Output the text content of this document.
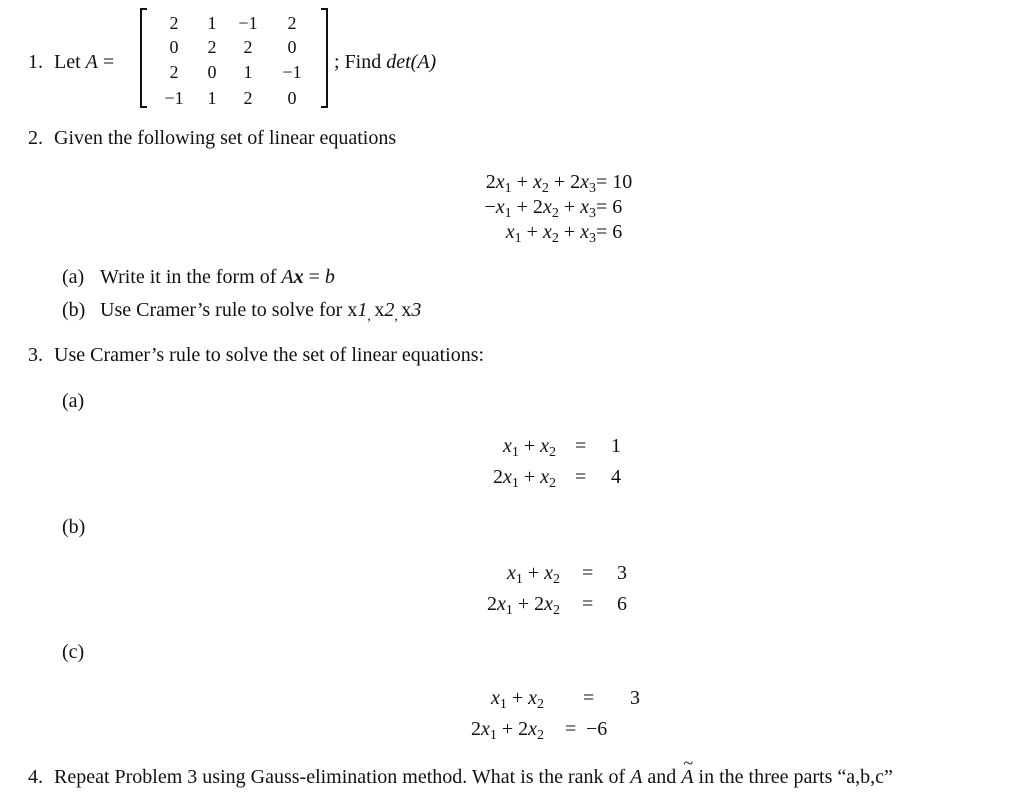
1. Let A =
2	1	−1	2
0	2	2	0
2	0	1	−1
−1	1	2	0
; Find det(A)
2. Given the following set of linear equations
$2x_1 + x_2 + 2x_3 = 10$
$-x_1 + 2x_2 + x_3 = 6$
$x_1 + x_2 + x_3 = 6$
(a) Write it in the form of Ax = b
(b) Use Cramer’s rule to solve for $x1_,$ $x2_,$ x3
3. Use Cramer’s rule to solve the set of linear equations:
(a)
(b)
(c)
$x_1 + x_2 = 1$
$2x_1 + x_2 = 4$
$x_1 + x_2 = 3$
$2x_1 + 2x_2 = 6$
$x_1 + x_2 = 3$
$2x_1 + 2x_2 = -6$
4. Repeat Problem 3 using Gauss-elimination method. What is the rank of A and ~ A in the three parts “a,b,c”
